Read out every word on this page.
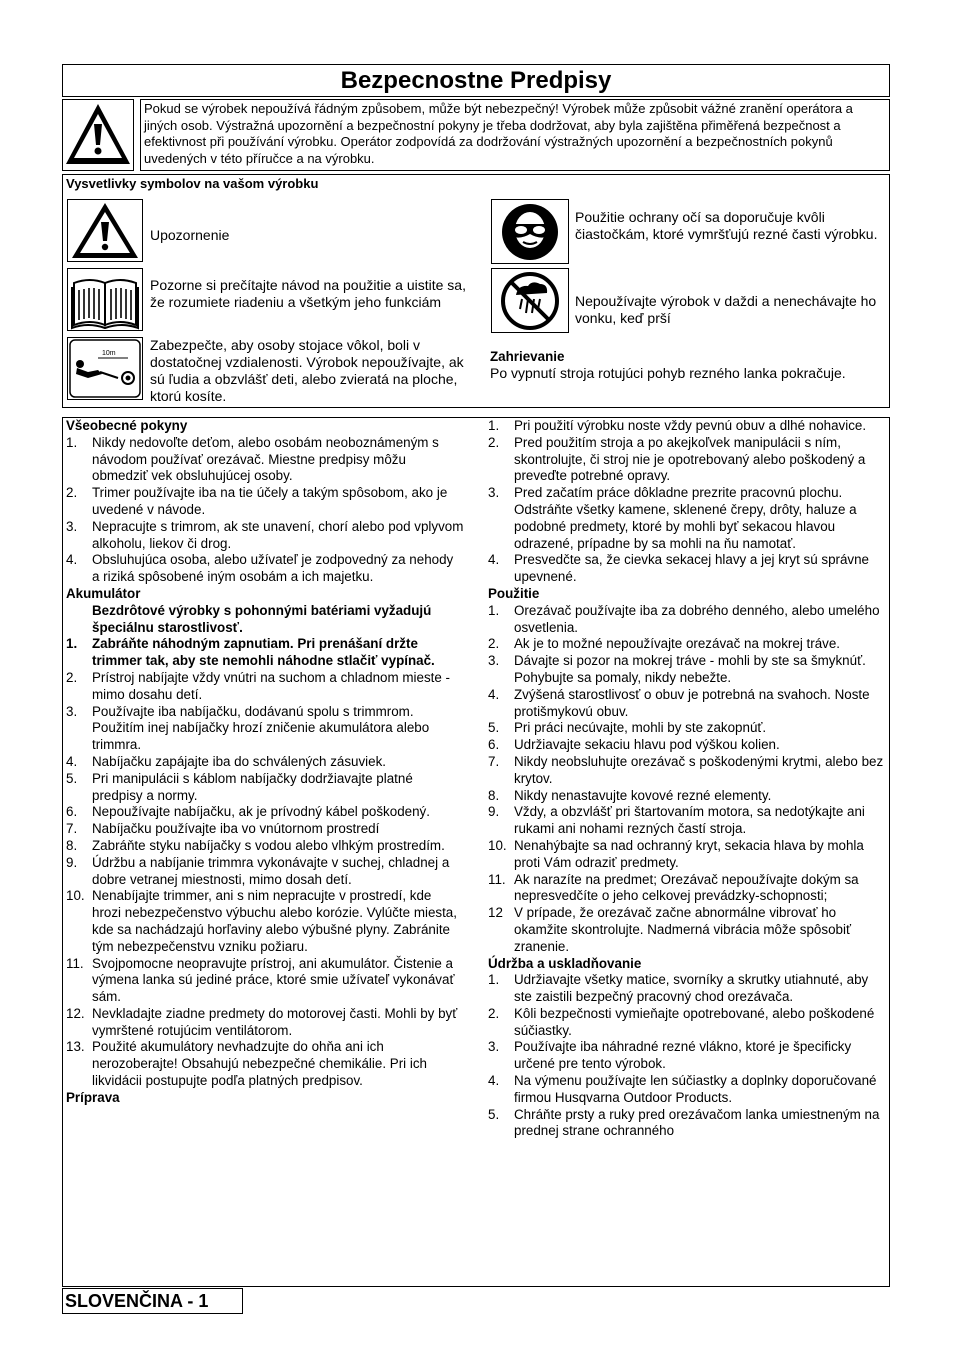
Bezpecnostne Predpisy
Pokud se výrobek nepoužívá řádným způsobem, může být nebezpečný! Výrobek může způsobit vážné zranění operátora a jiných osob. Výstražná upozornění a bezpečnostní pokyny je třeba dodržovat, aby byla zajištěna přiměřená bezpečnost a efektivnost při používání výrobku. Operátor zodpovídá za dodržování výstražných upozornění a bezpečnostních pokynů uvedených v této příručce a na výrobku.
Vysvetlivky symbolov na vašom výrobku
Upozornenie
Pozorne si prečítajte návod na použitie a uistite sa, že rozumiete riadeniu a všetkým jeho funkciám
10m
Zabezpečte, aby osoby stojace vôkol, boli v dostatočnej vzdialenosti. Výrobok nepoužívajte, ak sú ľudia a obzvlášť deti, alebo zvieratá na ploche, ktorú kosíte.
Použitie ochrany očí sa doporučuje kvôli čiastočkám, ktoré vymršťujú rezné časti výrobku.
Nepoužívajte výrobok v daždi a nenechávajte ho vonku, keď prší
Zahrievanie
Po vypnutí stroja rotujúci pohyb rezného lanka pokračuje.
Všeobecné pokyny
1.	Nikdy nedovoľte deťom, alebo osobám neoboznámeným s návodom používať orezávač. Miestne predpisy môžu obmedziť vek obsluhujúcej osoby.
2.	Trimer používajte iba na tie účely a takým spôsobom, ako je uvedené v návode.
3.	Nepracujte s trimrom, ak ste unavení, chorí alebo pod vplyvom alkoholu, liekov či drog.
4.	Obsluhujúca osoba, alebo užívateľ je zodpovedný za nehody a riziká spôsobené iným osobám a ich majetku.
Akumulátor
Bezdrôtové výrobky s pohonnými batériami vyžadujú špeciálnu starostlivosť.
1.	Zabráňte náhodným zapnutiam. Pri prenášaní držte trimmer tak, aby ste nemohli náhodne stlačiť vypínač.
2.	Prístroj nabíjajte vždy vnútri na suchom a chladnom mieste - mimo dosahu detí.
3.	Používajte iba nabíjačku, dodávanú spolu s trimmrom. Použitím inej nabíjačky hrozí zničenie akumulátora alebo trimmra.
4.	Nabíjačku zapájajte iba do schválených zásuviek.
5.	Pri manipulácii s káblom nabíjačky dodržiavajte platné predpisy a normy.
6.	Nepoužívajte nabíjačku, ak je prívodný kábel poškodený.
7.	Nabíjačku používajte iba vo vnútornom prostredí
8.	Zabráňte styku nabíjačky s vodou alebo vlhkým prostredím.
9.	Údržbu a nabíjanie trimmra vykonávajte v suchej, chladnej a dobre vetranej miestnosti, mimo dosah detí.
10. Nenabíjajte trimmer, ani s nim nepracujte v prostredí, kde hrozi nebezpečenstvo výbuchu alebo korózie. Vylúčte miesta, kde sa nachádzajú horľaviny alebo výbušné plyny. Zabránite tým nebezpečenstvu vzniku požiaru.
11. Svojpomocne neopravujte prístroj, ani akumulátor. Čistenie a výmena lanka sú jediné práce, ktoré smie užívateľ vykonávať sám.
12. Nevkladajte ziadne predmety do motorovej časti. Mohli by byť vymrštené rotujúcim ventilátorom.
13. Použité akumulátory nevhadzujte do ohňa ani ich nerozoberajte! Obsahujú nebezpečné chemikálie. Pri ich likvidácii postupujte podľa platných predpisov.
Príprava
1.	Pri použití výrobku noste vždy pevnú obuv a dlhé nohavice.
2.	Pred použitím stroja a po akejkoľvek manipulácii s ním, skontrolujte, či stroj nie je opotrebovaný alebo poškodený a preveďte potrebné opravy.
3.	Pred začatím práce dôkladne prezrite pracovnú plochu. Odstráňte všetky kamene, sklenené črepy, drôty, haluze a podobné predmety, ktoré by mohli byť sekacou hlavou odrazené, prípadne by sa mohli na ňu namotať.
4.	Presvedčte sa, že cievka sekacej hlavy a jej kryt sú správne upevnené.
Použitie
1.	Orezávač používajte iba za dobrého denného, alebo umelého osvetlenia.
2.	Ak je to možné nepoužívajte orezávač na mokrej tráve.
3.	Dávajte si pozor na mokrej tráve - mohli by ste sa šmyknúť. Pohybujte sa pomaly, nikdy nebežte.
4.	Zvýšená starostlivosť o obuv je potrebná na svahoch. Noste protišmykovú obuv.
5.	Pri práci necúvajte, mohli by ste zakopnúť.
6.	Udržiavajte sekaciu hlavu pod výškou kolien.
7.	Nikdy neobsluhujte orezávač s poškodenými krytmi, alebo bez krytov.
8.	Nikdy nenastavujte kovové rezné elementy.
9.	Vždy, a obzvlášť pri štartovaním motora, sa nedotýkajte ani rukami ani nohami rezných častí stroja.
10. Nenahýbajte sa nad ochranný kryt, sekacia hlava by mohla proti Vám odraziť predmety.
11. Ak narazíte na predmet; Orezávač nepoužívajte dokým sa nepresvedčíte o jeho celkovej prevádzky-schopnosti;
12 V prípade, že orezávač začne abnormálne vibrovať ho okamžite skontrolujte. Nadmerná vibrácia môže spôsobiť zranenie.
Údržba a uskladňovanie
1.	Udržiavajte všetky matice, svorníky a skrutky utiahnuté, aby ste zaistili bezpečný pracovný chod orezávača.
2.	Kôli bezpečnosti vymieňajte opotrebované, alebo poškodené súčiastky.
3.	Používajte iba náhradné rezné vlákno, ktoré je špecificky určené pre tento výrobok.
4.	Na výmenu používajte len súčiastky a doplnky doporučované firmou Husqvarna Outdoor Products.
5.	Chráňte prsty a ruky pred orezávačom lanka umiestneným na prednej strane ochranného
SLOVENČINA - 1
